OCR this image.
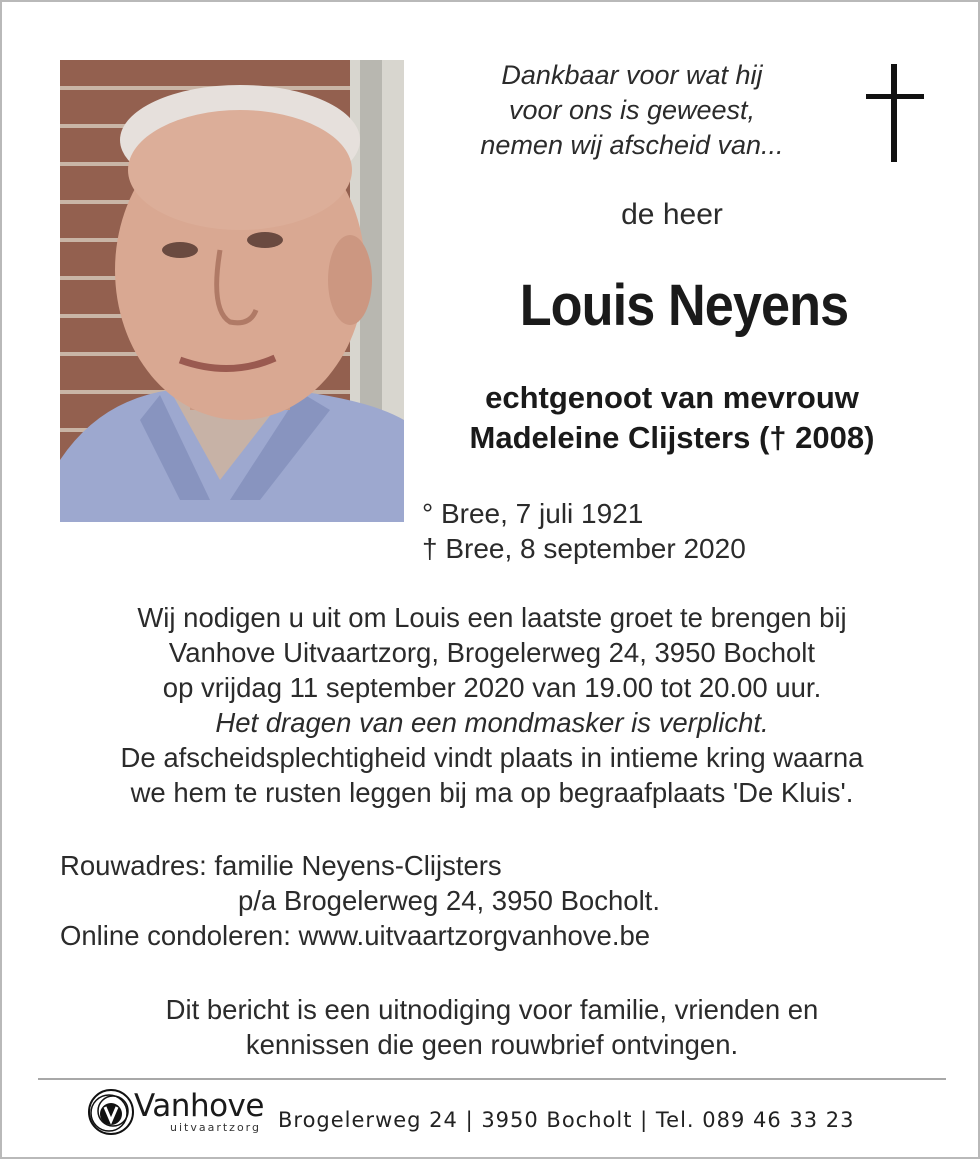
Dankbaar voor wat hij
voor ons is geweest,
nemen wij afscheid van...
de heer
Louis Neyens
echtgenoot van mevrouw
Madeleine Clijsters († 2008)
° Bree, 7 juli 1921
† Bree, 8 september 2020
Wij nodigen u uit om Louis een laatste groet te brengen bij
Vanhove Uitvaartzorg, Brogelerweg 24, 3950 Bocholt
op vrijdag 11 september 2020 van 19.00 tot 20.00 uur.
Het dragen van een mondmasker is verplicht.
De afscheidsplechtigheid vindt plaats in intieme kring waarna
we hem te rusten leggen bij ma op begraafplaats 'De Kluis'.
Rouwadres: familie Neyens-Clijsters
p/a Brogelerweg 24, 3950 Bocholt.
Online condoleren: www.uitvaartzorgvanhove.be
Dit bericht is een uitnodiging voor familie, vrienden en
kennissen die geen rouwbrief ontvingen.
Vanhove
uitvaartzorg Brogelerweg 24 | 3950 Bocholt | Tel. 089 46 33 23
